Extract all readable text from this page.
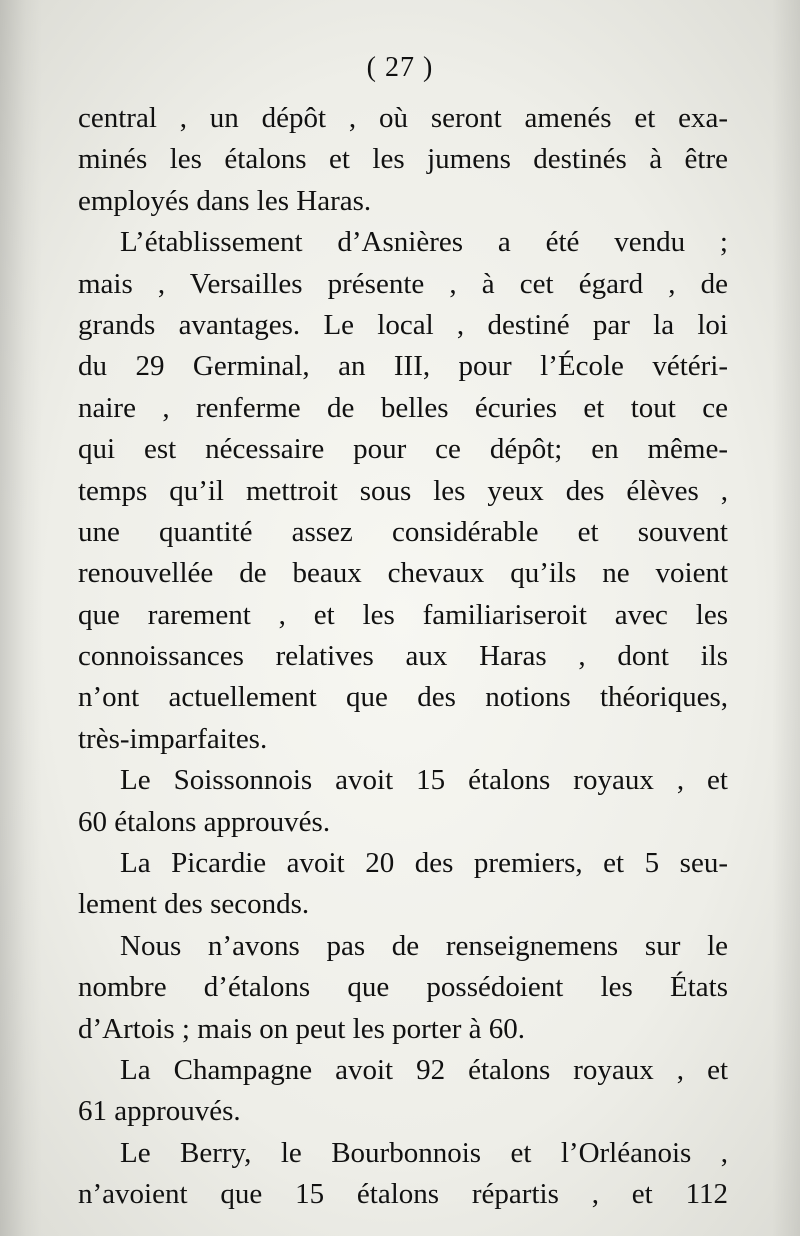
( 27 )
central , un dépôt , où seront amenés et exa-
minés les étalons et les jumens destinés à être
employés dans les Haras.
L’établissement d’Asnières a été vendu ;
mais , Versailles présente , à cet égard , de
grands avantages. Le local , destiné par la loi
du 29 Germinal, an III, pour l’École vétéri-
naire , renferme de belles écuries et tout ce
qui est nécessaire pour ce dépôt; en même-
temps qu’il mettroit sous les yeux des élèves ,
une quantité assez considérable et souvent
renouvellée de beaux chevaux qu’ils ne voient
que rarement , et les familiariseroit avec les
connoissances relatives aux Haras , dont ils
n’ont actuellement que des notions théoriques,
très-imparfaites.
Le Soissonnois avoit 15 étalons royaux , et
60 étalons approuvés.
La Picardie avoit 20 des premiers, et 5 seu-
lement des seconds.
Nous n’avons pas de renseignemens sur le
nombre d’étalons que possédoient les États
d’Artois ; mais on peut les porter à 60.
La Champagne avoit 92 étalons royaux , et
61 approuvés.
Le Berry, le Bourbonnois et l’Orléanois ,
n’avoient que 15 étalons répartis , et 112
